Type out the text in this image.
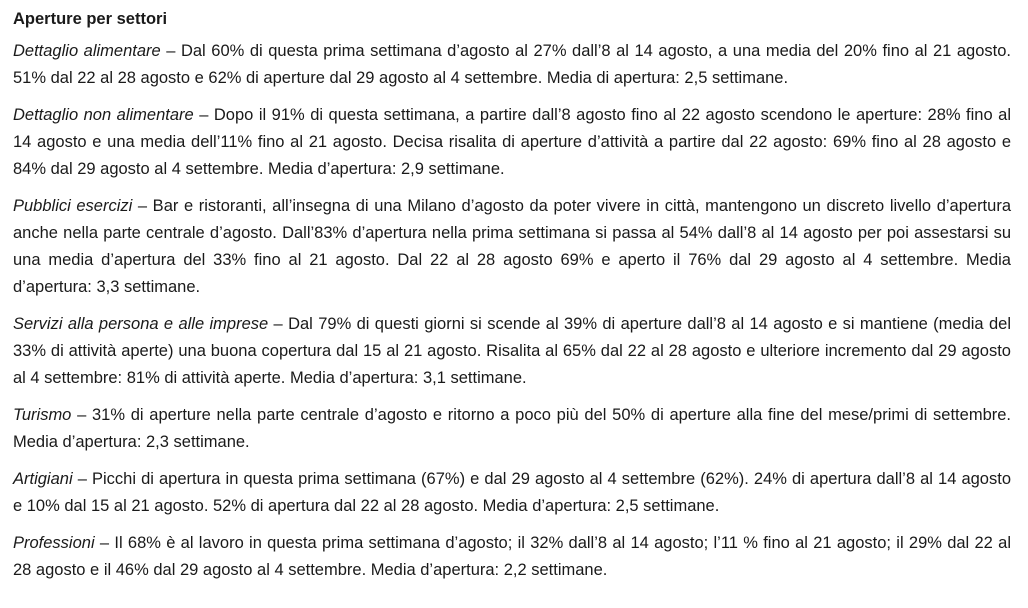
Aperture per settori

Dettaglio alimentare – Dal 60% di questa prima settimana d’agosto al 27% dall’8 al 14 agosto, a una media del 20% fino al 21 agosto. 51% dal 22 al 28 agosto e 62% di aperture dal 29 agosto al 4 settembre. Media di apertura: 2,5 settimane.

Dettaglio non alimentare – Dopo il 91% di questa settimana, a partire dall’8 agosto fino al 22 agosto scendono le aperture: 28% fino al 14 agosto e una media dell’11% fino al 21 agosto. Decisa risalita di aperture d’attività a partire dal 22 agosto: 69% fino al 28 agosto e 84% dal 29 agosto al 4 settembre. Media d’apertura: 2,9 settimane.

Pubblici esercizi – Bar e ristoranti, all’insegna di una Milano d’agosto da poter vivere in città, mantengono un discreto livello d’apertura anche nella parte centrale d’agosto. Dall’83% d’apertura nella prima settimana si passa al 54% dall’8 al 14 agosto per poi assestarsi su una media d’apertura del 33% fino al 21 agosto. Dal 22 al 28 agosto 69% e aperto il 76% dal 29 agosto al 4 settembre. Media d’apertura: 3,3 settimane.

Servizi alla persona e alle imprese – Dal 79% di questi giorni si scende al 39% di aperture dall’8 al 14 agosto e si mantiene (media del 33% di attività aperte) una buona copertura dal 15 al 21 agosto. Risalita al 65% dal 22 al 28 agosto e ulteriore incremento dal 29 agosto al 4 settembre: 81% di attività aperte. Media d’apertura: 3,1 settimane.

Turismo – 31% di aperture nella parte centrale d’agosto e ritorno a poco più del 50% di aperture alla fine del mese/primi di settembre. Media d’apertura: 2,3 settimane.

Artigiani – Picchi di apertura in questa prima settimana (67%) e dal 29 agosto al 4 settembre (62%). 24% di apertura dall’8 al 14 agosto e 10% dal 15 al 21 agosto. 52% di apertura dal 22 al 28 agosto. Media d’apertura: 2,5 settimane.

Professioni – Il 68% è al lavoro in questa prima settimana d’agosto; il 32% dall’8 al 14 agosto; l’11 % fino al 21 agosto; il 29% dal 22 al 28 agosto e il 46% dal 29 agosto al 4 settembre. Media d’apertura: 2,2 settimane.
